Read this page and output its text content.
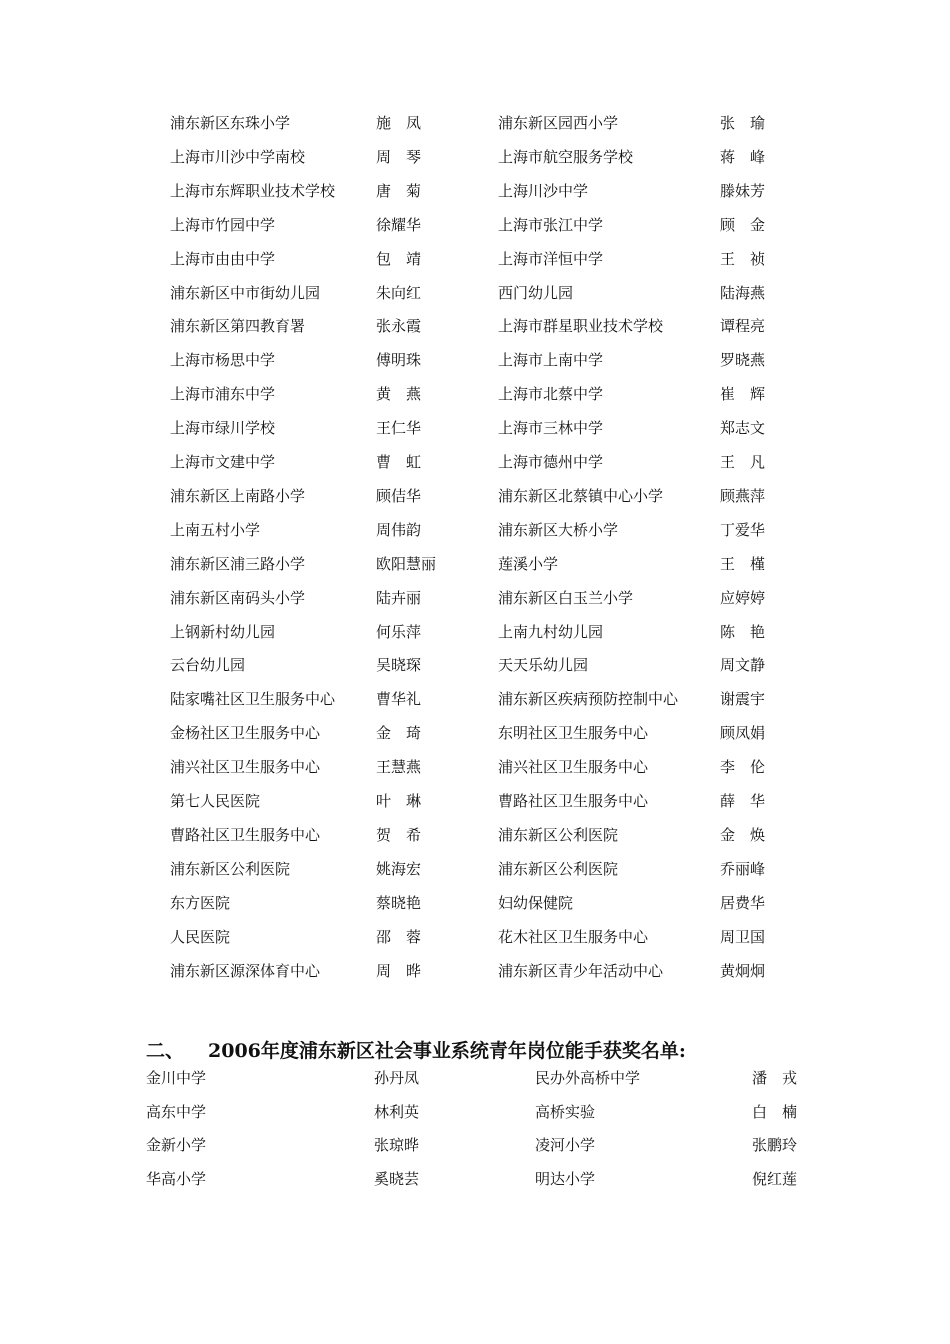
浦东新区东珠小学	施　凤	浦东新区园西小学	张　瑜
上海市川沙中学南校	周　琴	上海市航空服务学校	蒋　峰
上海市东辉职业技术学校	唐　菊	上海川沙中学	滕妹芳
上海市竹园中学	徐耀华	上海市张江中学	顾　金
上海市由由中学	包　靖	上海市洋恒中学	王　祯
浦东新区中市街幼儿园	朱向红	西门幼儿园	陆海燕
浦东新区第四教育署	张永霞	上海市群星职业技术学校	谭程亮
上海市杨思中学	傅明珠	上海市上南中学	罗晓燕
上海市浦东中学	黄　燕	上海市北蔡中学	崔　辉
上海市绿川学校	王仁华	上海市三林中学	郑志文
上海市文建中学	曹　虹	上海市德州中学	王　凡
浦东新区上南路小学	顾佶华	浦东新区北蔡镇中心小学	顾燕萍
上南五村小学	周伟韵	浦东新区大桥小学	丁爱华
浦东新区浦三路小学	欧阳慧丽	莲溪小学	王　槿
浦东新区南码头小学	陆卉丽	浦东新区白玉兰小学	应婷婷
上钢新村幼儿园	何乐萍	上南九村幼儿园	陈　艳
云台幼儿园	吴晓琛	天天乐幼儿园	周文静
陆家嘴社区卫生服务中心	曹华礼	浦东新区疾病预防控制中心	谢震宇
金杨社区卫生服务中心	金　琦	东明社区卫生服务中心	顾凤娟
浦兴社区卫生服务中心	王慧燕	浦兴社区卫生服务中心	李　伦
第七人民医院	叶　琳	曹路社区卫生服务中心	薛　华
曹路社区卫生服务中心	贺　希	浦东新区公利医院	金　焕
浦东新区公利医院	姚海宏	浦东新区公利医院	乔丽峰
东方医院	蔡晓艳	妇幼保健院	居费华
人民医院	邵　蓉	花木社区卫生服务中心	周卫国
浦东新区源深体育中心	周　晔	浦东新区青少年活动中心	黄炯炯
二、 2006年度浦东新区社会事业系统青年岗位能手获奖名单:
金川中学	孙丹凤	民办外高桥中学	潘　戎
高东中学	林利英	高桥实验	白　楠
金新小学	张琼晔	凌河小学	张鹏玲
华高小学	奚晓芸	明达小学	倪红莲
